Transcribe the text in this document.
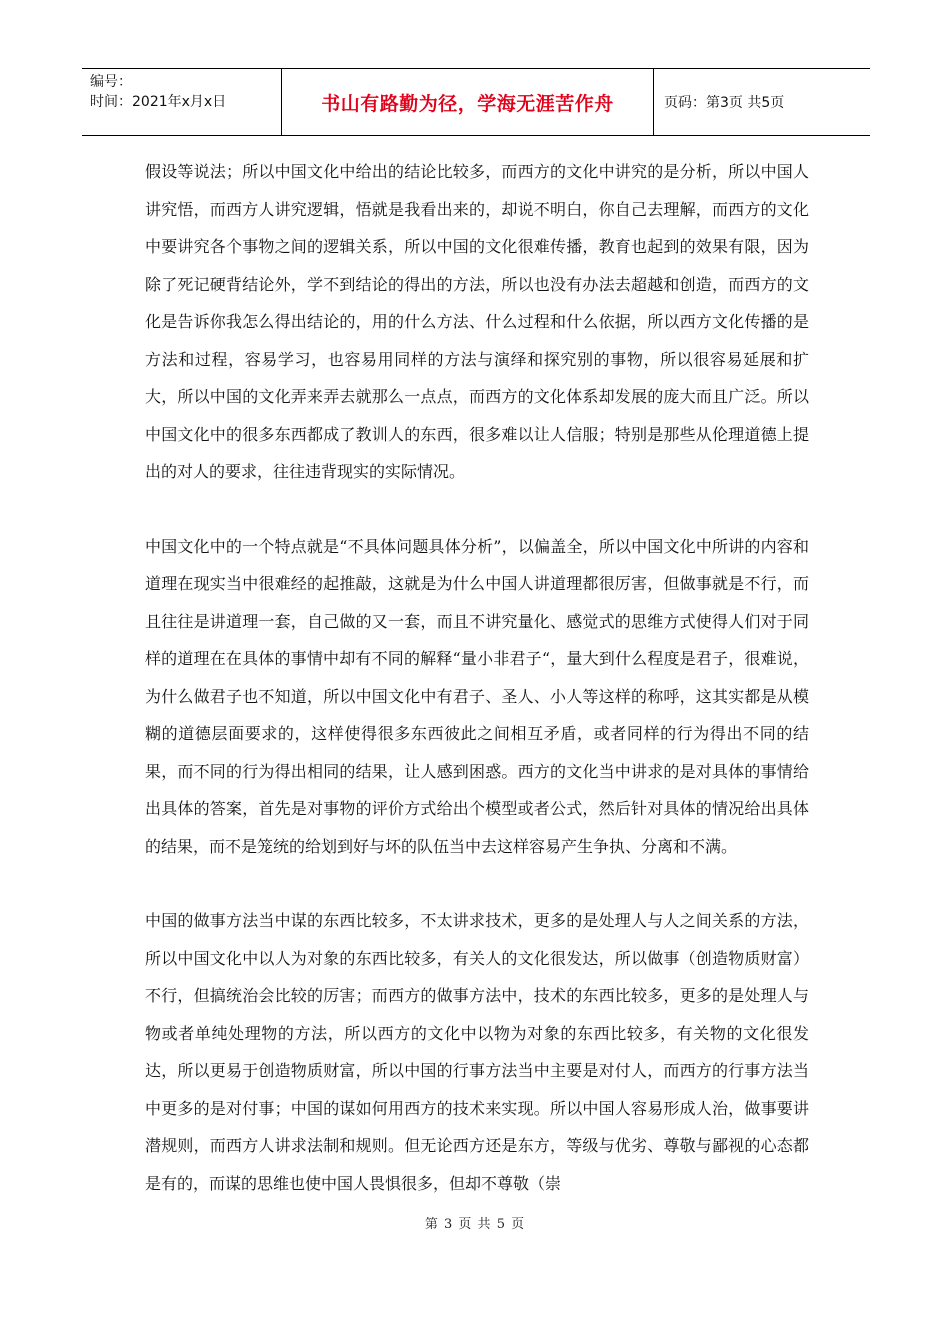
编号：
时间：2021年x月x日	书山有路勤为径，学海无涯苦作舟	页码：第3页 共5页

假设等说法；所以中国文化中给出的结论比较多，而西方的文化中讲究的是分析，所以中国人讲究悟，而西方人讲究逻辑，悟就是我看出来的，却说不明白，你自己去理解，而西方的文化中要讲究各个事物之间的逻辑关系，所以中国的文化很难传播，教育也起到的效果有限，因为除了死记硬背结论外，学不到结论的得出的方法，所以也没有办法去超越和创造，而西方的文化是告诉你我怎么得出结论的，用的什么方法、什么过程和什么依据，所以西方文化传播的是方法和过程，容易学习，也容易用同样的方法与演绎和探究别的事物，所以很容易延展和扩大，所以中国的文化弄来弄去就那么一点点，而西方的文化体系却发展的庞大而且广泛。所以中国文化中的很多东西都成了教训人的东西，很多难以让人信服；特别是那些从伦理道德上提出的对人的要求，往往违背现实的实际情况。

中国文化中的一个特点就是“不具体问题具体分析”，以偏盖全，所以中国文化中所讲的内容和道理在现实当中很难经的起推敲，这就是为什么中国人讲道理都很厉害，但做事就是不行，而且往往是讲道理一套，自己做的又一套，而且不讲究量化、感觉式的思维方式使得人们对于同样的道理在在具体的事情中却有不同的解释“量小非君子“，量大到什么程度是君子，很难说，为什么做君子也不知道，所以中国文化中有君子、圣人、小人等这样的称呼，这其实都是从模糊的道德层面要求的，这样使得很多东西彼此之间相互矛盾，或者同样的行为得出不同的结果，而不同的行为得出相同的结果，让人感到困惑。西方的文化当中讲求的是对具体的事情给出具体的答案，首先是对事物的评价方式给出个模型或者公式，然后针对具体的情况给出具体的结果，而不是笼统的给划到好与坏的队伍当中去这样容易产生争执、分离和不满。

中国的做事方法当中谋的东西比较多，不太讲求技术，更多的是处理人与人之间关系的方法，所以中国文化中以人为对象的东西比较多，有关人的文化很发达，所以做事（创造物质财富）不行，但搞统治会比较的厉害；而西方的做事方法中，技术的东西比较多，更多的是处理人与物或者单纯处理物的方法，所以西方的文化中以物为对象的东西比较多，有关物的文化很发达，所以更易于创造物质财富，所以中国的行事方法当中主要是对付人，而西方的行事方法当中更多的是对付事；中国的谋如何用西方的技术来实现。所以中国人容易形成人治，做事要讲潜规则，而西方人讲求法制和规则。但无论西方还是东方，等级与优劣、尊敬与鄙视的心态都是有的，而谋的思维也使中国人畏惧很多，但却不尊敬（崇

第 3 页 共 5 页
